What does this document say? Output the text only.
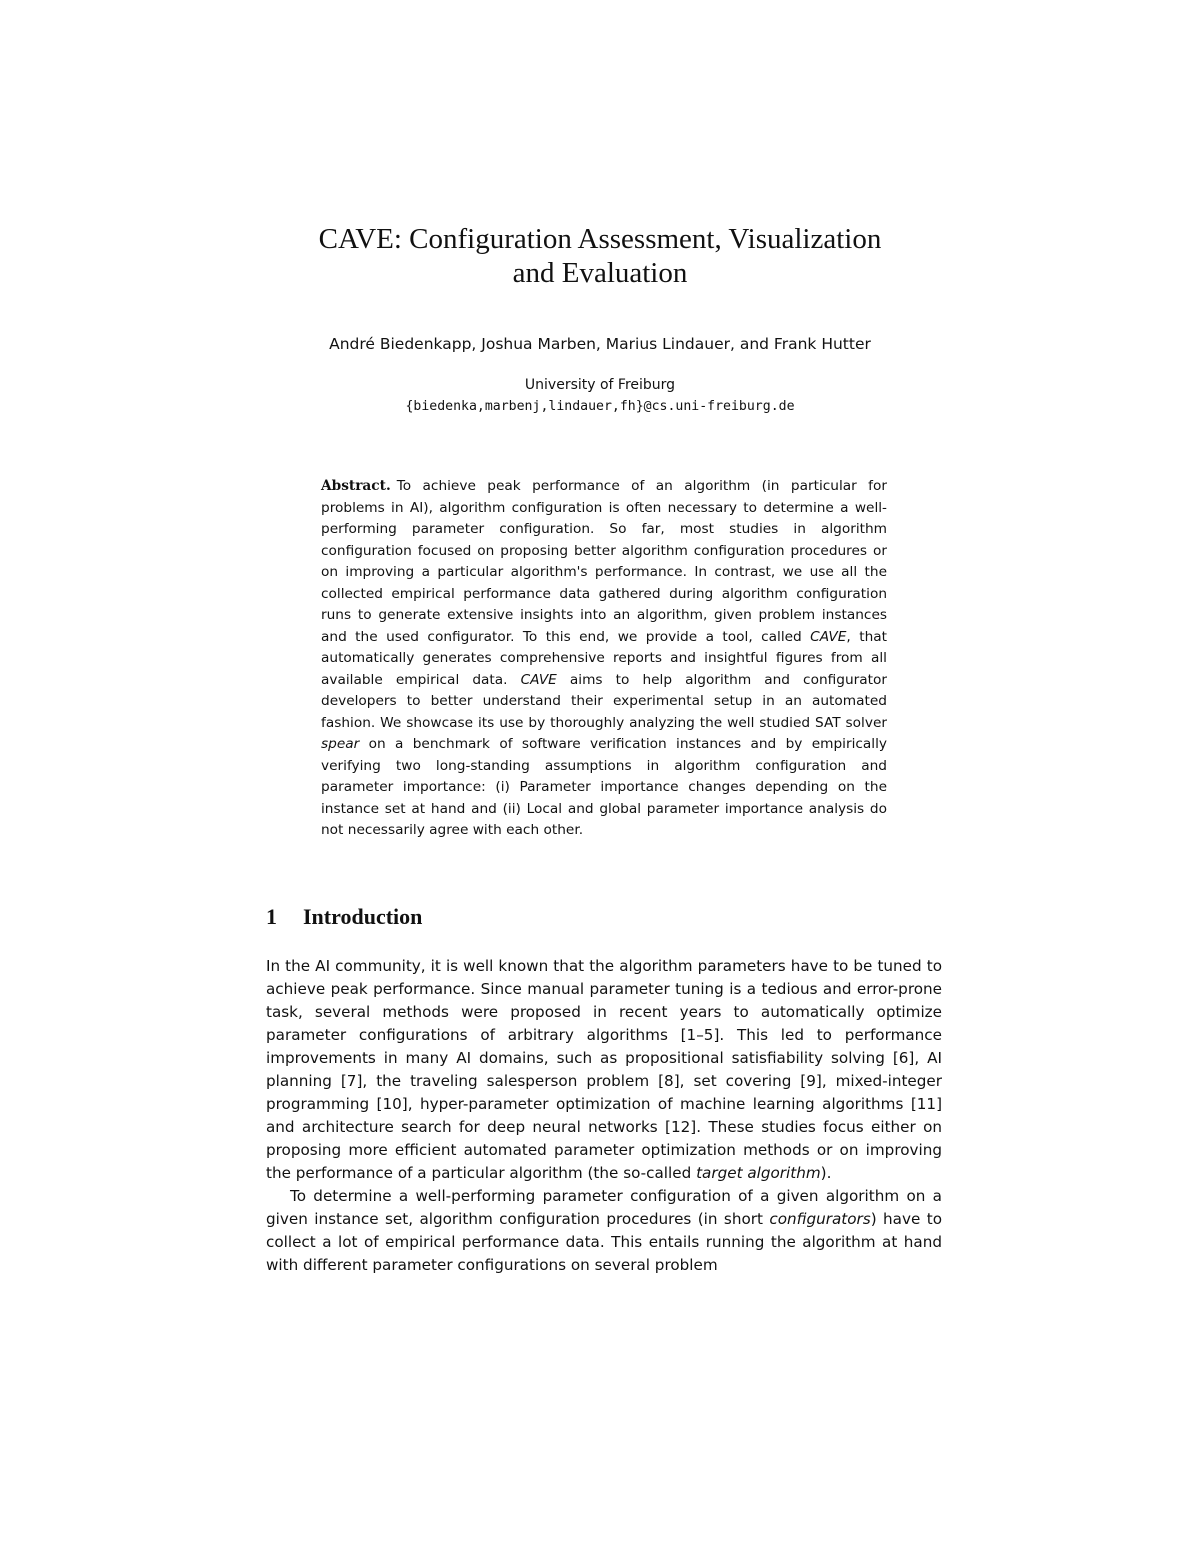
CAVE: Configuration Assessment, Visualization
and Evaluation
André Biedenkapp, Joshua Marben, Marius Lindauer, and Frank Hutter
University of Freiburg
{biedenka,marbenj,lindauer,fh}@cs.uni-freiburg.de
Abstract. To achieve peak performance of an algorithm (in particular for problems in AI), algorithm configuration is often necessary to determine a well-performing parameter configuration. So far, most studies in algorithm configuration focused on proposing better algorithm configuration procedures or on improving a particular algorithm's performance. In contrast, we use all the collected empirical performance data gathered during algorithm configuration runs to generate extensive insights into an algorithm, given problem instances and the used configurator. To this end, we provide a tool, called CAVE, that automatically generates comprehensive reports and insightful figures from all available empirical data. CAVE aims to help algorithm and configurator developers to better understand their experimental setup in an automated fashion. We showcase its use by thoroughly analyzing the well studied SAT solver spear on a benchmark of software verification instances and by empirically verifying two long-standing assumptions in algorithm configuration and parameter importance: (i) Parameter importance changes depending on the instance set at hand and (ii) Local and global parameter importance analysis do not necessarily agree with each other.
1 Introduction

In the AI community, it is well known that the algorithm parameters have to be tuned to achieve peak performance. Since manual parameter tuning is a tedious and error-prone task, several methods were proposed in recent years to automatically optimize parameter configurations of arbitrary algorithms [1–5]. This led to performance improvements in many AI domains, such as propositional satisfiability solving [6], AI planning [7], the traveling salesperson problem [8], set covering [9], mixed-integer programming [10], hyper-parameter optimization of machine learning algorithms [11] and architecture search for deep neural networks [12]. These studies focus either on proposing more efficient automated parameter optimization methods or on improving the performance of a particular algorithm (the so-called target algorithm).

To determine a well-performing parameter configuration of a given algorithm on a given instance set, algorithm configuration procedures (in short configurators) have to collect a lot of empirical performance data. This entails running the algorithm at hand with different parameter configurations on several problem
